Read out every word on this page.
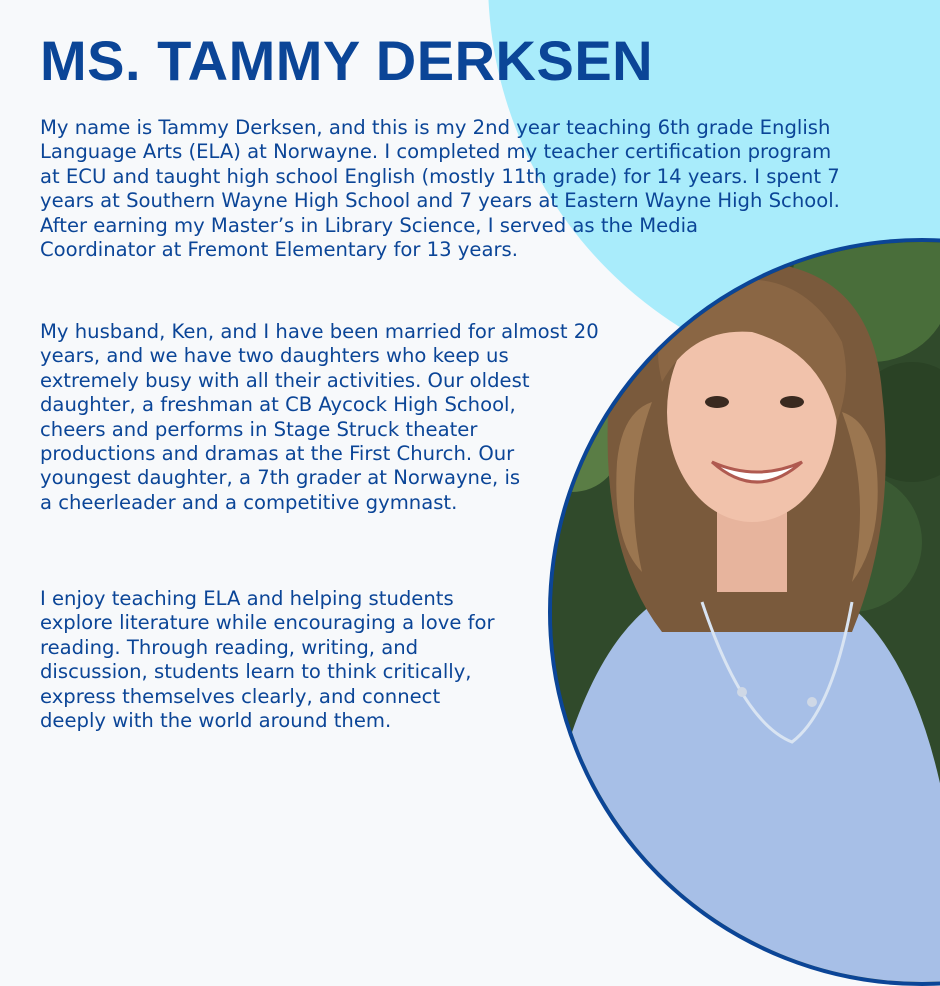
MS. TAMMY DERKSEN
My name is Tammy Derksen, and this is my 2nd year teaching 6th grade English
Language Arts (ELA) at Norwayne. I completed my teacher certification program
at ECU and taught high school English (mostly 11th grade) for 14 years. I spent 7
years at Southern Wayne High School and 7 years at Eastern Wayne High School.
After earning my Master’s in Library Science, I served as the Media
Coordinator at Fremont Elementary for 13 years.
My husband, Ken, and I have been married for almost 20
years, and we have two daughters who keep us
extremely busy with all their activities. Our oldest
daughter, a freshman at CB Aycock High School,
cheers and performs in Stage Struck theater
productions and dramas at the First Church. Our
youngest daughter, a 7th grader at Norwayne, is
a cheerleader and a competitive gymnast.
I enjoy teaching ELA and helping students
explore literature while encouraging a love for
reading. Through reading, writing, and
discussion, students learn to think critically,
express themselves clearly, and connect
deeply with the world around them.
